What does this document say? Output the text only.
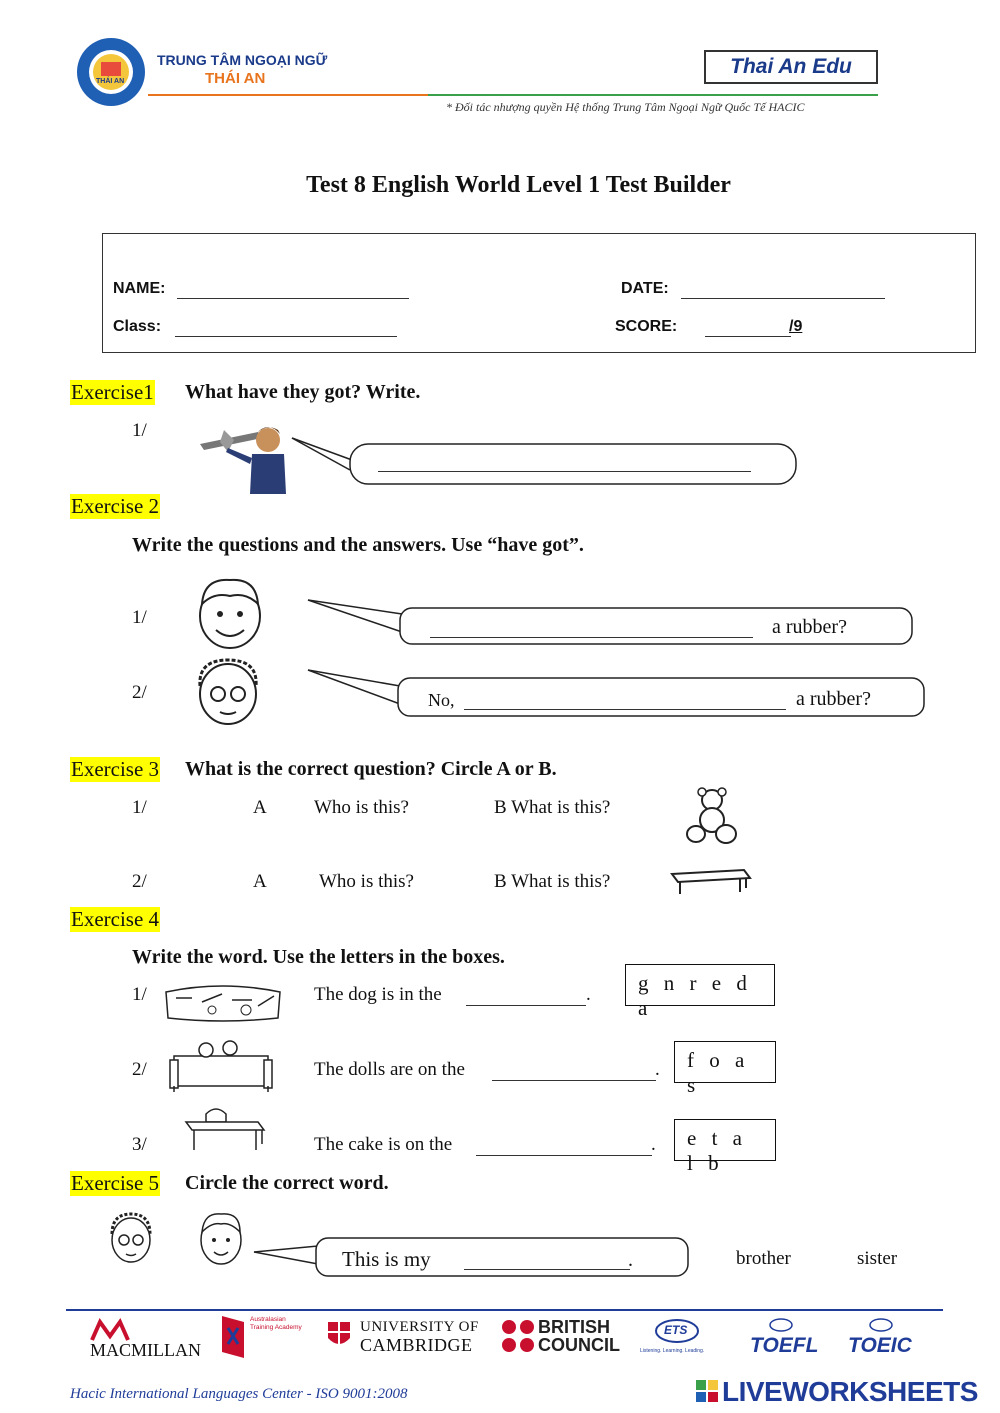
THÁI AN
TRUNG TÂM NGOẠI NGỮ
THÁI AN
Thai An Edu
* Đối tác nhượng quyền Hệ thống Trung Tâm Ngoại Ngữ Quốc Tế HACIC
Test 8 English World Level 1 Test Builder
NAME:	DATE:
Class:	SCORE:	/9
Exercise1 What have they got? Write.
1/
Exercise 2
Write the questions and the answers. Use “have got”.
1/	a rubber?
2/	No,	a rubber?
Exercise 3 What is the correct question? Circle A or B.
1/	A Who is this?	B What is this?
2/	A	Who is this?	B What is this?
Exercise 4
Write the word. Use the letters in the boxes.
1/	The dog is in the	.	g n r e d a
2/	The dolls are on the	.	f o a s
3/	The cake is on the	.	e t a l b
Exercise 5 Circle the correct word.
This is my	.	brother	sister
MACMILLAN
Australasian Training Academy	UNIVERSITY OF
CAMBRIDGE
BRITISH
COUNCIL
ETS
Listening. Learning. Leading. TOEFL TOEIC
Hacic International Languages Center - ISO 9001:2008	LIVEWORKSHEETS
